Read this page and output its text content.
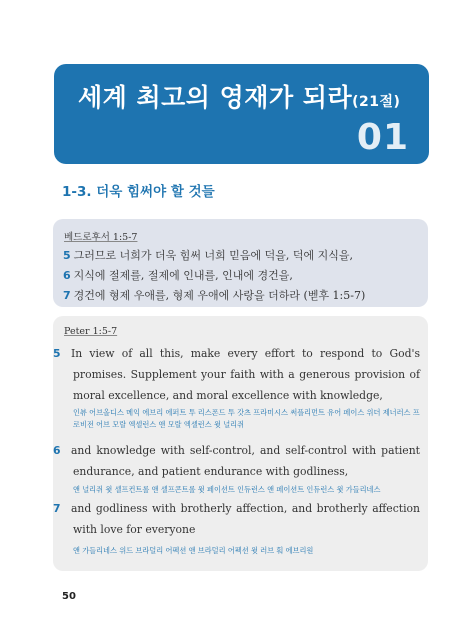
세계 최고의 영재가 되라(21절)
01
1-3. 더욱 힘써야 할 것들
베드로후서 1:5-7
5 그러므로 너희가 더욱 힘써 너희 믿음에 덕을, 덕에 지식을,
6 지식에 절제를, 절제에 인내를, 인내에 경건을,
7 경건에 형제 우애를, 형제 우애에 사랑을 더하라 (벧후 1:5-7)
Peter 1:5-7
5 In view of all this, make every effort to respond to God's promises. Supplement your faith with a generous provision of moral excellence, and moral excellence with knowledge,
인뷰 어브올디스 메익 에브리 에퍼트 투 리스폰드 투 갓츠 프라미시스 써플리먼트 유어 페이스 위더 제너러스 프로비전 어브 모랄 엑셀런스 앤 모랄 엑셀런스 윗 널리쥐
6 and knowledge with self-control, and self-control with patient endurance, and patient endurance with godliness,
앤 널리쥐 윗 셀프컨트롤 앤 셀프콘트롤 윗 페이션트 인듀런스 앤 페이션트 인듀런스 윗 가들리네스
7 and godliness with brotherly affection, and brotherly affection with love for everyone
앤 가들리네스 위드 브라덜리 어펙션 앤 브라덜리 어펙션 윗 러브 훠 에브리원
50
